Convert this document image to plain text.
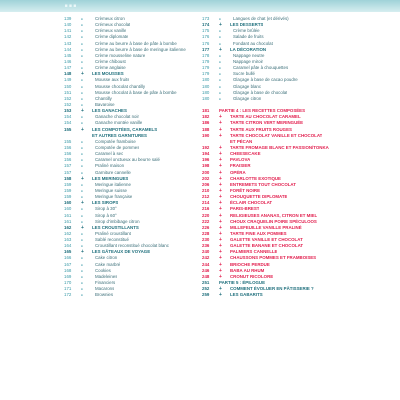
…
139	●	Crèmeux citron
140	●	Crémeux chocolat
141	●	Crémeux vanille
142	●	Crème diplomate
143	●	Crème au beurre à base de pâte à bombe
144	●	Crème au beurre à base de meringue italienne
145	●	Crème mousseline nature
146	●	Crème chiboust
147	●	Crème anglaise
148	+	LES MOUSSES
149	●	Mousse aux fruits
150	●	Mousse chocolat chantilly
151	●	Mousse chocolat à base de pâte à bombe
152	●	Chantilly
152	●	Bavaroise
153	+	LES GANACHES
154	●	Ganache chocolat noir
154	●	Ganache montée vanille
155	+	LES COMPOTÉES, CARAMELS
ET AUTRES GARNITURES
155	●	Compotée framboise
156	●	Compotée de pommes
156	●	Caramel à sec
156	●	Caramel onctueux au beurre salé
157	●	Praliné maison
157	●	Garniture cannelle
158	+	LES MERINGUES
159	●	Meringue italienne
159	●	Meringue suisse
159	●	Meringue française
160	+	LES SIROPS
160	●	Sirop à 30°
161	●	Sirop à 60°
161	●	Sirop d'imbibage citron
162	+	LES CROUSTILLANTS
162	●	Praliné croustillant
163	●	Sablé reconstitué
164	●	Croustillant reconstitué chocolat blanc
165	+	LES GÂTEAUX DE VOYAGE
166	●	Cake citron
167	●	Cake marbré
168	●	Cookies
169	●	Madeleines
170	●	Financiers
171	●	Macarons
172	●	Brownies
173	●	Langues de chat (et dérivés)
174	+	LES DESSERTS
175	●	Crème brûlée
176	●	Salade de fruits
176	●	Fondant au chocolat
177	+	LA DÉCORATION
178	●	Nappage neutre
179	●	Nappage miroir
179	●	Caramel pâte à chouquettes
179	●	Sucre bullé
180	●	Glaçage à base de cacao poudre
180	●	Glaçage blanc
180	●	Glaçage à base de chocolat
180	●	Glaçage citron
181	PARTIE 4 : LES RECETTES COMPOSÉES
182	+	TARTE AU CHOCOLAT CARAMEL
186	+	TARTE CITRON VERT MERINGUÉE
188	+	TARTE AUX FRUITS ROUGES
190	+	TARTE CHOCOLAT VANILLE ET CHOCOLAT
ET PÉCAN
192	+	TARTE FROMAGE BLANC ET PASSION/TONKA
194	+	CHEESECAKE
196	+	PAVLOVA
198	+	FRAISIER
200	+	OPÉRA
202	+	CHARLOTTE EXOTIQUE
206	+	ENTREMETS TOUT CHOCOLAT
210	+	FORÊT NOIRE
212	+	CHOUQUETTE DIPLOMATE
214	+	ÉCLAIR CHOCOLAT
216	+	PARIS-BREST
220	+	RELIGIEUSES ANANAS, CITRON ET MIEL
222	+	CHOUX CRAQUELIN POIRE SPÉCULOOS
226	+	MILLEFEUILLE VANILLE PRALINÉ
228	+	TARTE FINE AUX POMMES
230	+	GALETTE VANILLE ET CHOCOLAT
236	+	GALETTE BANANE ET CHOCOLAT
240	+	PALMIERS CANNELLE
242	+	CHAUSSONS POMMES ET FRAMBOISES
244	+	BRIOCHE PERDUE
246	+	BABA AU RHUM
248	+	CRONUT RICOLORE
251	PARTIE 5 : ÉPILOGUE
252	+	COMMENT ÉVOLUER EN PÂTISSERIE ?
259	+	LES GABARITS
